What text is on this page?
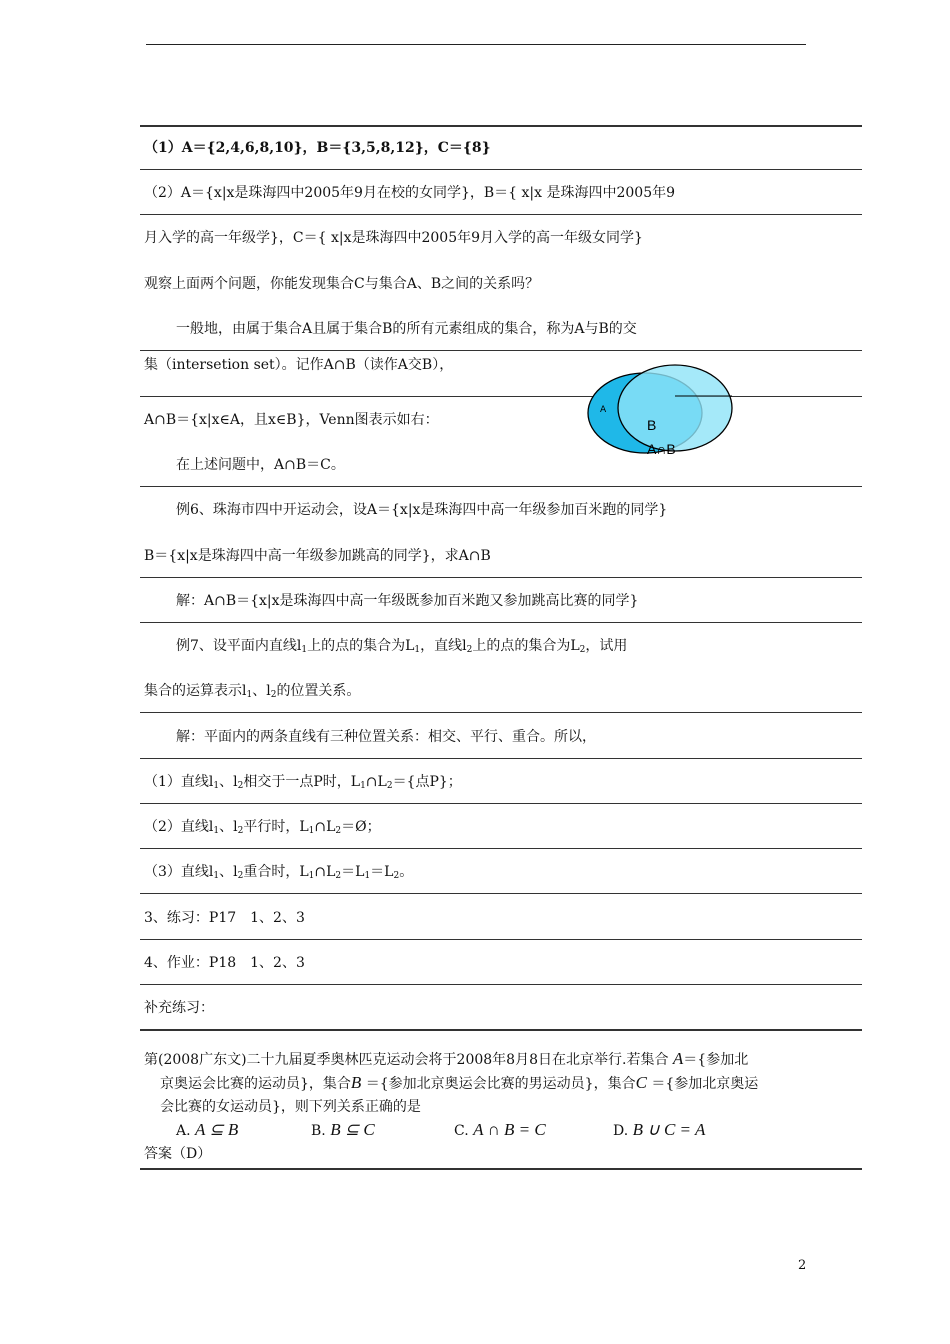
（1）A＝{2,4,6,8,10}，B＝{3,5,8,12}，C＝{8}
（2）A＝{x|x是珠海四中2005年9月在校的女同学}，B＝{ x|x 是珠海四中2005年9
月入学的高一年级学}，C＝{ x|x是珠海四中2005年9月入学的高一年级女同学}
观察上面两个问题，你能发现集合C与集合A、B之间的关系吗？
一般地，由属于集合A且属于集合B的所有元素组成的集合，称为A与B的交
集（intersetion set）。记作A∩B（读作A交B），
A∩B＝{x|x∈A，且x∈B}，Venn图表示如右：
在上述问题中，A∩B＝C。
例6、珠海市四中开运动会，设A＝{x|x是珠海四中高一年级参加百米跑的同学}
B＝{x|x是珠海四中高一年级参加跳高的同学}，求A∩B
解：A∩B＝{x|x是珠海四中高一年级既参加百米跑又参加跳高比赛的同学}
例7、设平面内直线$l_1$上的点的集合为$L_1$，直线$l_2$上的点的集合为$L_2$，试用
集合的运算表示$l_1$、$l_2$的位置关系。
解：平面内的两条直线有三种位置关系：相交、平行、重合。所以，
（1）直线$l_1$、$l_2$相交于一点P时，$L_1\cap L_2=${点P}；
（2）直线$l_1$、$l_2$平行时，$L_1\cap L_2=Ø$；
（3）直线$l_1$、$l_2$重合时，$L_1\cap L_2=L_1=L_2$。
3、练习：P17　1、2、3
4、作业：P18　1、2、3
补充练习：
A
B
A∩B
第(2008广东文)二十九届夏季奥林匹克运动会将于2008年8月8日在北京举行.若集合 A＝{参加北
京奥运会比赛的运动员}，集合B ＝{参加北京奥运会比赛的男运动员}，集合C ＝{参加北京奥运
会比赛的女运动员}，则下列关系正确的是
A. A ⊆ B	B. B ⊆ C	C. A ∩ B = C	D. B ∪ C = A
答案（D）
2
